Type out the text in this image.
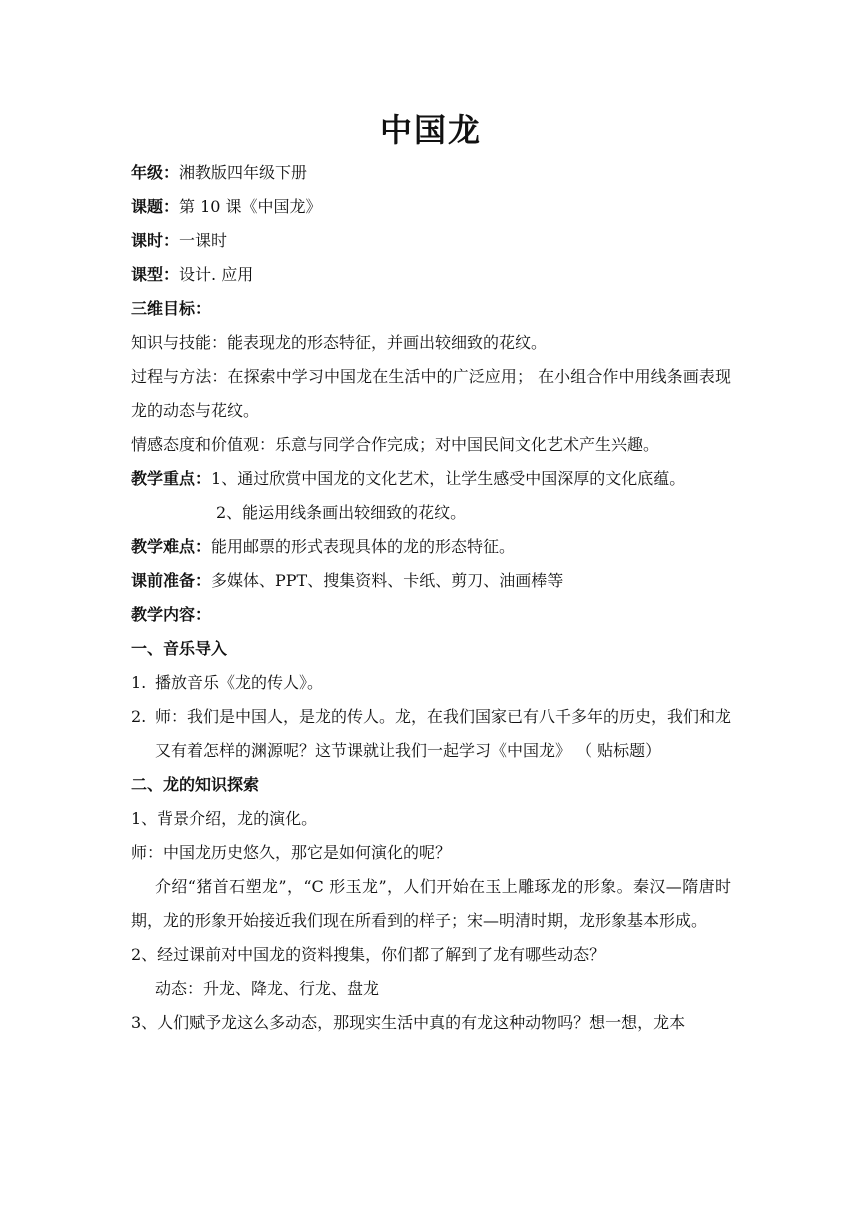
中国龙
年级：湘教版四年级下册
课题：第 10 课《中国龙》
课时：一课时
课型：设计. 应用
三维目标：
知识与技能：能表现龙的形态特征，并画出较细致的花纹。
过程与方法：在探索中学习中国龙在生活中的广泛应用； 在小组合作中用线条画表现龙的动态与花纹。
情感态度和价值观：乐意与同学合作完成；对中国民间文化艺术产生兴趣。
教学重点：1、通过欣赏中国龙的文化艺术，让学生感受中国深厚的文化底蕴。
2、能运用线条画出较细致的花纹。
教学难点：能用邮票的形式表现具体的龙的形态特征。
课前准备：多媒体、PPT、搜集资料、卡纸、剪刀、油画棒等
教学内容：
一、音乐导入
1. 播放音乐《龙的传人》。
2. 师：我们是中国人，是龙的传人。龙，在我们国家已有八千多年的历史，我们和龙又有着怎样的渊源呢？这节课就让我们一起学习《中国龙》 （ 贴标题）
二、龙的知识探索
1、背景介绍，龙的演化。
师：中国龙历史悠久，那它是如何演化的呢？
介绍“猪首石塑龙”，“C 形玉龙”，人们开始在玉上雕琢龙的形象。秦汉—隋唐时期，龙的形象开始接近我们现在所看到的样子；宋—明清时期，龙形象基本形成。
2、经过课前对中国龙的资料搜集，你们都了解到了龙有哪些动态？
动态：升龙、降龙、行龙、盘龙
3、人们赋予龙这么多动态，那现实生活中真的有龙这种动物吗？想一想，龙本
